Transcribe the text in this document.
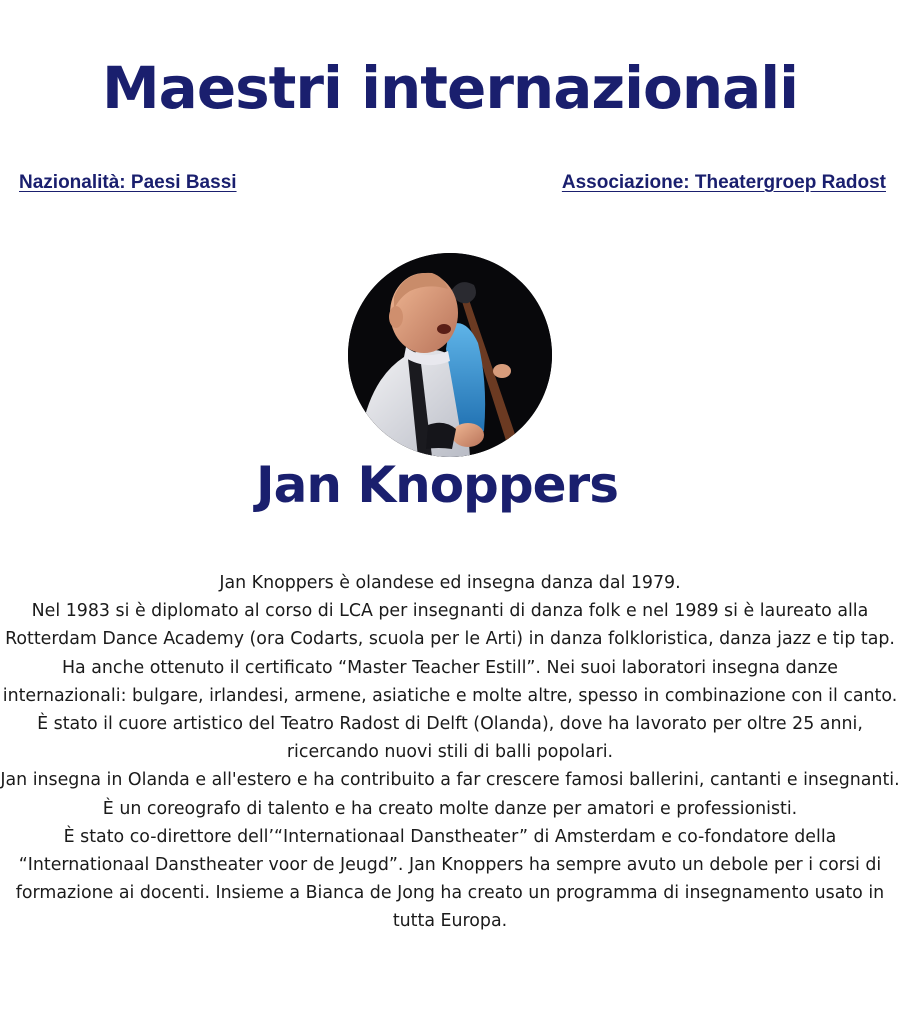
Maestri internazionali
Nazionalità: Paesi Bassi	Associazione: Theatergroep Radost
Jan Knoppers

Jan Knoppers è olandese ed insegna danza dal 1979.

Nel 1983 si è diplomato al corso di LCA per insegnanti di danza folk e nel 1989 si è laureato alla Rotterdam Dance Academy (ora Codarts, scuola per le Arti) in danza folkloristica, danza jazz e tip tap. Ha anche ottenuto il certificato “Master Teacher Estill”. Nei suoi laboratori insegna danze internazionali: bulgare, irlandesi, armene, asiatiche e molte altre, spesso in combinazione con il canto. È stato il cuore artistico del Teatro Radost di Delft (Olanda), dove ha lavorato per oltre 25 anni, ricercando nuovi stili di balli popolari.

Jan insegna in Olanda e all'estero e ha contribuito a far crescere famosi ballerini, cantanti e insegnanti.

È un coreografo di talento e ha creato molte danze per amatori e professionisti.

È stato co-direttore dell’“Internationaal Danstheater” di Amsterdam e co-fondatore della “Internationaal Danstheater voor de Jeugd”. Jan Knoppers ha sempre avuto un debole per i corsi di formazione ai docenti. Insieme a Bianca de Jong ha creato un programma di insegnamento usato in tutta Europa.
